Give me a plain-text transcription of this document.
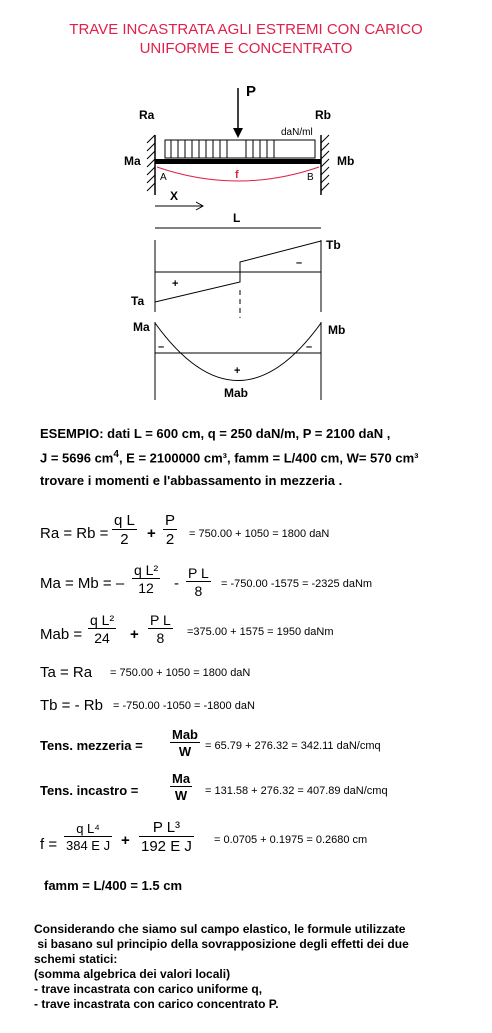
TRAVE INCASTRATA AGLI ESTREMI CON CARICO
UNIFORME E CONCENTRATO
P
Ra	Rb
daN/ml
Ma	Mb
A	B
f
X
L
+
–
Ta
Tb
Ma	Mb
–	–
+
Mab
ESEMPIO: dati L = 600 cm, q = 250 daN/m, P = 2100 daN ,
J = 5696 $cm^4$, E = 2100000 cm³, famm = L/400 cm, W= 570 cm³
trovare i momenti e l'abbassamento in mezzeria .
$Ra = Rb = \frac{\text{q L}}{2} + \frac{P}{2} = 750.00 + 1050 = 1800$ daN
Ma = Mb = – $\frac{\text{q L²}}{12} - \frac{\text{P L}}{8} = -750.00$ -1575 = -2325 daNm
Mab = $\frac{\text{q L²}}{24} + \frac{\text{P L}}{8} =375.00 + 1575 = 1950$ daNm
Ta = Ra = 750.00 + 1050 = 1800 daN
Tb = - Rb = -750.00 -1050 = -1800 daN
Tens. mezzeria =
Mab
W	= 65.79 + 276.32 = 342.11 daN/cmq
Tens. incastro = $\frac{Ma}{W} = 131.58 + 276.32 = 407.89$ daN/cmq
$f = \frac{\text{q L⁴}}{\text{384 E J}} + \frac{\text{P L³}}{\text{192 E J}} = 0.0705 + 0.1975 = 0.2680$ cm
famm = L/400 = 1.5 cm
Considerando che siamo sul campo elastico, le formule utilizzate
si basano sul principio della sovrapposizione degli effetti dei due
schemi statici:
(somma algebrica dei valori locali)
- trave incastrata con carico uniforme q,
- trave incastrata con carico concentrato P.
